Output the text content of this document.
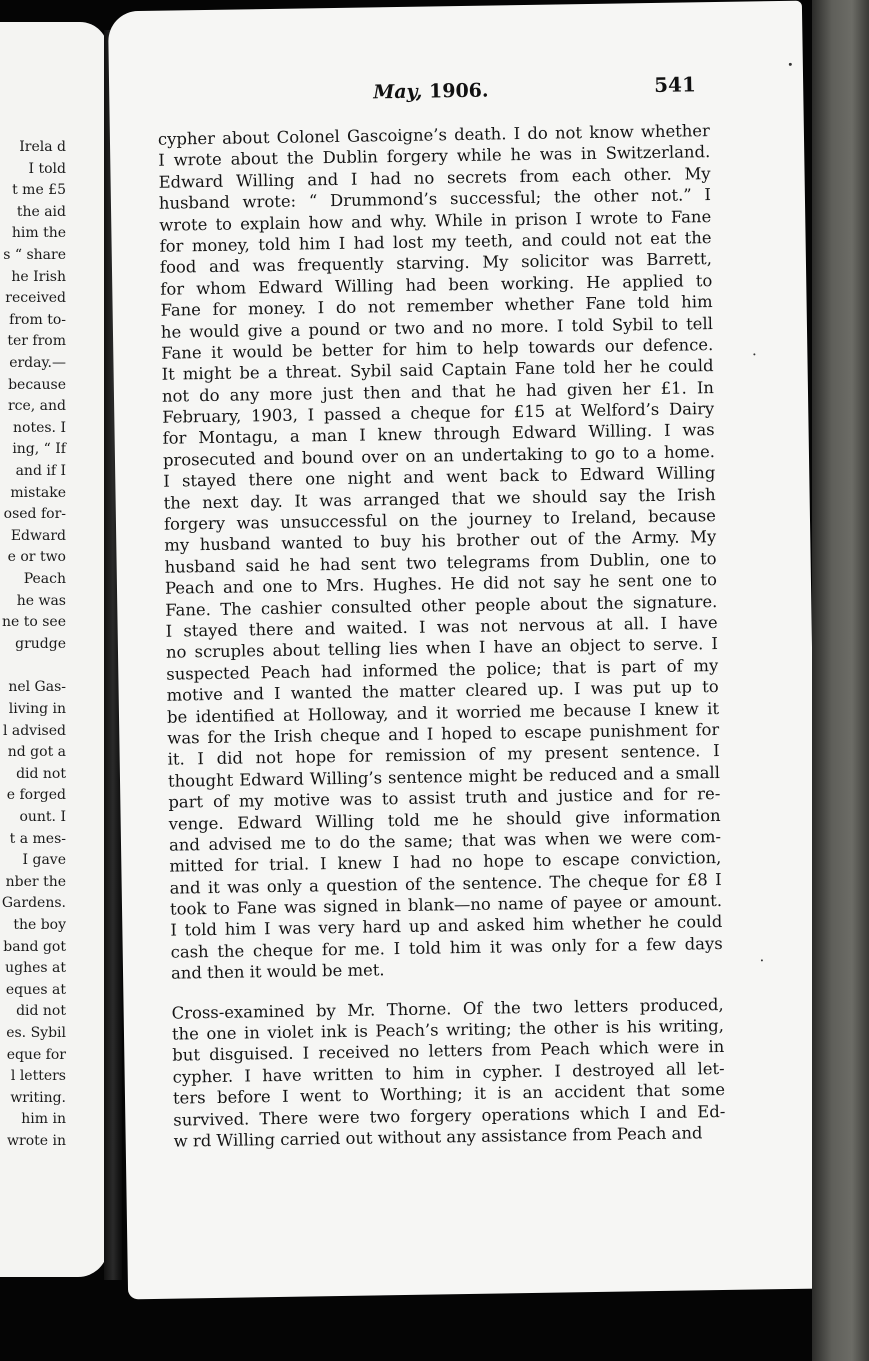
Irela d
I told
t me £5
the aid
him the
s “ share
he Irish
received
from to-
ter from
erday.—
because
rce, and
notes. I
ing, “ If
and if I
mistake
osed for-
Edward
e or two
Peach
he was
ne to see
grudge
nel Gas-
living in
l advised
nd got a
did not
e forged
ount. I
t a mes-
I gave
nber the
Gardens.
the boy
band got
ughes at
eques at
did not
es. Sybil
eque for
l letters
writing.
him in
wrote in
May, 1906.	541
cypher about Colonel Gascoigne’s death. I do not know whether
I wrote about the Dublin forgery while he was in Switzerland.
Edward Willing and I had no secrets from each other. My
husband wrote: “ Drummond’s successful; the other not.” I
wrote to explain how and why. While in prison I wrote to Fane
for money, told him I had lost my teeth, and could not eat the
food and was frequently starving. My solicitor was Barrett,
for whom Edward Willing had been working. He applied to
Fane for money. I do not remember whether Fane told him
he would give a pound or two and no more. I told Sybil to tell
Fane it would be better for him to help towards our defence.
It might be a threat. Sybil said Captain Fane told her he could
not do any more just then and that he had given her £1. In
February, 1903, I passed a cheque for £15 at Welford’s Dairy
for Montagu, a man I knew through Edward Willing. I was
prosecuted and bound over on an undertaking to go to a home.
I stayed there one night and went back to Edward Willing
the next day. It was arranged that we should say the Irish
forgery was unsuccessful on the journey to Ireland, because
my husband wanted to buy his brother out of the Army. My
husband said he had sent two telegrams from Dublin, one to
Peach and one to Mrs. Hughes. He did not say he sent one to
Fane. The cashier consulted other people about the signature.
I stayed there and waited. I was not nervous at all. I have
no scruples about telling lies when I have an object to serve. I
suspected Peach had informed the police; that is part of my
motive and I wanted the matter cleared up. I was put up to
be identified at Holloway, and it worried me because I knew it
was for the Irish cheque and I hoped to escape punishment for
it. I did not hope for remission of my present sentence. I
thought Edward Willing’s sentence might be reduced and a small
part of my motive was to assist truth and justice and for re-
venge. Edward Willing told me he should give information
and advised me to do the same; that was when we were com-
mitted for trial. I knew I had no hope to escape conviction,
and it was only a question of the sentence. The cheque for £8 I
took to Fane was signed in blank—no name of payee or amount.
I told him I was very hard up and asked him whether he could
cash the cheque for me. I told him it was only for a few days
and then it would be met.
Cross-examined by Mr. Thorne. Of the two letters produced,
the one in violet ink is Peach’s writing; the other is his writing,
but disguised. I received no letters from Peach which were in
cypher. I have written to him in cypher. I destroyed all let-
ters before I went to Worthing; it is an accident that some
survived. There were two forgery operations which I and Ed-
w rd Willing carried out without any assistance from Peach and
